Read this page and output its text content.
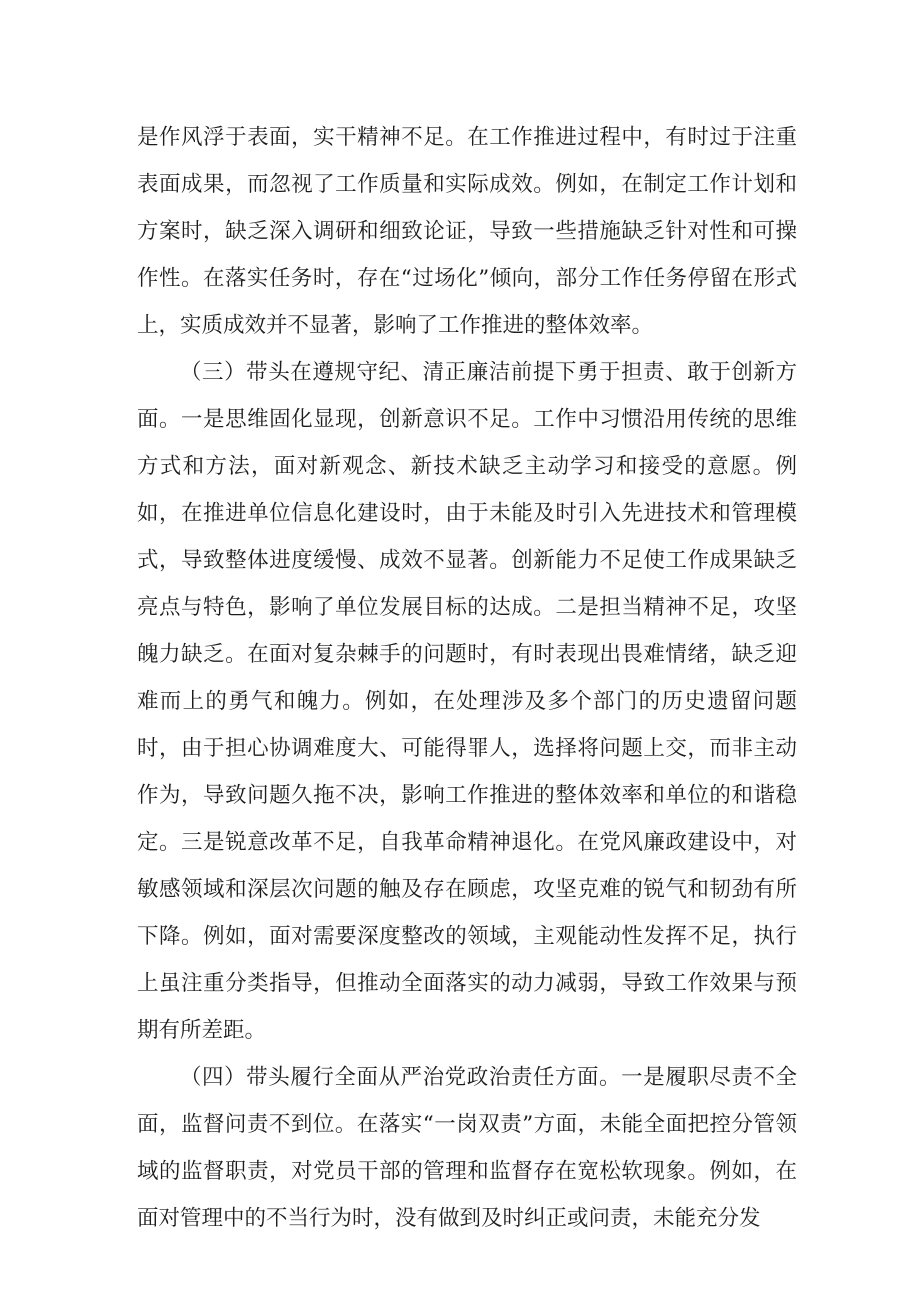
是作风浮于表面，实干精神不足。在工作推进过程中，有时过于注重表面成果，而忽视了工作质量和实际成效。例如，在制定工作计划和方案时，缺乏深入调研和细致论证，导致一些措施缺乏针对性和可操作性。在落实任务时，存在“过场化”倾向，部分工作任务停留在形式上，实质成效并不显著，影响了工作推进的整体效率。

（三）带头在遵规守纪、清正廉洁前提下勇于担责、敢于创新方面。一是思维固化显现，创新意识不足。工作中习惯沿用传统的思维方式和方法，面对新观念、新技术缺乏主动学习和接受的意愿。例如，在推进单位信息化建设时，由于未能及时引入先进技术和管理模式，导致整体进度缓慢、成效不显著。创新能力不足使工作成果缺乏亮点与特色，影响了单位发展目标的达成。二是担当精神不足，攻坚魄力缺乏。在面对复杂棘手的问题时，有时表现出畏难情绪，缺乏迎难而上的勇气和魄力。例如，在处理涉及多个部门的历史遗留问题时，由于担心协调难度大、可能得罪人，选择将问题上交，而非主动作为，导致问题久拖不决，影响工作推进的整体效率和单位的和谐稳定。三是锐意改革不足，自我革命精神退化。在党风廉政建设中，对敏感领域和深层次问题的触及存在顾虑，攻坚克难的锐气和韧劲有所下降。例如，面对需要深度整改的领域，主观能动性发挥不足，执行上虽注重分类指导，但推动全面落实的动力减弱，导致工作效果与预期有所差距。

（四）带头履行全面从严治党政治责任方面。一是履职尽责不全面，监督问责不到位。在落实“一岗双责”方面，未能全面把控分管领域的监督职责，对党员干部的管理和监督存在宽松软现象。例如，在面对管理中的不当行为时，没有做到及时纠正或问责，未能充分发
